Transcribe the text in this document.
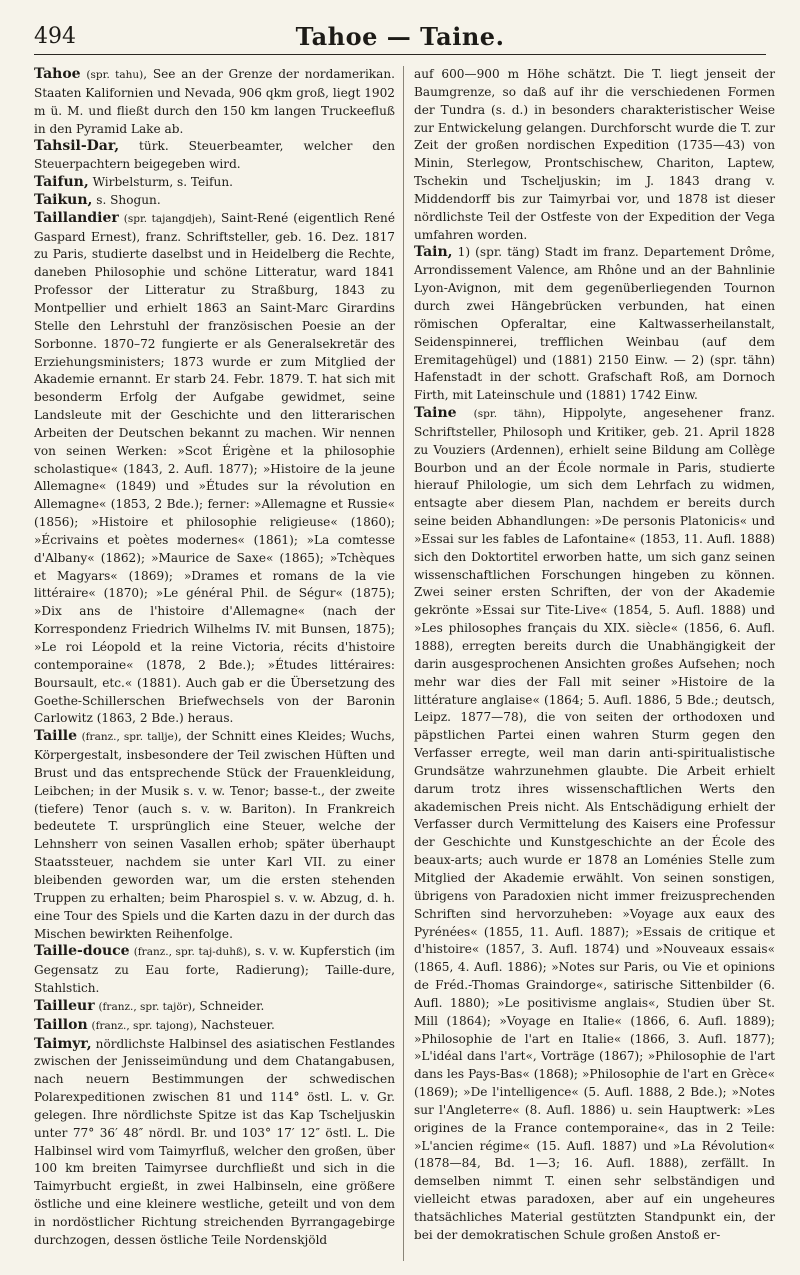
494	Tahoe — Taine.

Tahoe (spr. tahu), See an der Grenze der nordamerikan. Staaten Kalifornien und Nevada, 906 qkm groß, liegt 1902 m ü. M. und fließt durch den 150 km langen Truckeefluß in den Pyramid Lake ab.

Tahsil-Dar, türk. Steuerbeamter, welcher den Steuerpachtern beigegeben wird.

Taifun, Wirbelsturm, s. Teifun.

Taikun, s. Shogun.

Taillandier (spr. tajangdjeh), Saint-René (eigentlich René Gaspard Ernest), franz. Schriftsteller, geb. 16. Dez. 1817 zu Paris, studierte daselbst und in Heidelberg die Rechte, daneben Philosophie und schöne Litteratur, ward 1841 Professor der Litteratur zu Straßburg, 1843 zu Montpellier und erhielt 1863 an Saint-Marc Girardins Stelle den Lehrstuhl der französischen Poesie an der Sorbonne. 1870–72 fungierte er als Generalsekretär des Erziehungsministers; 1873 wurde er zum Mitglied der Akademie ernannt. Er starb 24. Febr. 1879. T. hat sich mit besonderm Erfolg der Aufgabe gewidmet, seine Landsleute mit der Geschichte und den litterarischen Arbeiten der Deutschen bekannt zu machen. Wir nennen von seinen Werken: »Scot Érigène et la philosophie scholastique« (1843, 2. Aufl. 1877); »Histoire de la jeune Allemagne« (1849) und »Études sur la révolution en Allemagne« (1853, 2 Bde.); ferner: »Allemagne et Russie« (1856); »Histoire et philosophie religieuse« (1860); »Écrivains et poètes modernes« (1861); »La comtesse d'Albany« (1862); »Maurice de Saxe« (1865); »Tchèques et Magyars« (1869); »Drames et romans de la vie littéraire« (1870); »Le général Phil. de Ségur« (1875); »Dix ans de l'histoire d'Allemagne« (nach der Korrespondenz Friedrich Wilhelms IV. mit Bunsen, 1875); »Le roi Léopold et la reine Victoria, récits d'histoire contemporaine« (1878, 2 Bde.); »Études littéraires: Boursault, etc.« (1881). Auch gab er die Übersetzung des Goethe-Schillerschen Briefwechsels von der Baronin Carlowitz (1863, 2 Bde.) heraus.

Taille (franz., spr. tallje), der Schnitt eines Kleides; Wuchs, Körpergestalt, insbesondere der Teil zwischen Hüften und Brust und das entsprechende Stück der Frauenkleidung, Leibchen; in der Musik s. v. w. Tenor; basse-t., der zweite (tiefere) Tenor (auch s. v. w. Bariton). In Frankreich bedeutete T. ursprünglich eine Steuer, welche der Lehnsherr von seinen Vasallen erhob; später überhaupt Staatssteuer, nachdem sie unter Karl VII. zu einer bleibenden geworden war, um die ersten stehenden Truppen zu erhalten; beim Pharospiel s. v. w. Abzug, d. h. eine Tour des Spiels und die Karten dazu in der durch das Mischen bewirkten Reihenfolge.

Taille-douce (franz., spr. taj-duhß), s. v. w. Kupferstich (im Gegensatz zu Eau forte, Radierung); Taille-dure, Stahlstich.

Tailleur (franz., spr. tajör), Schneider.

Taillon (franz., spr. tajong), Nachsteuer.

Taimyr, nördlichste Halbinsel des asiatischen Festlandes zwischen der Jenisseimündung und dem Chatangabusen, nach neuern Bestimmungen der schwedischen Polarexpeditionen zwischen 81 und 114° östl. L. v. Gr. gelegen. Ihre nördlichste Spitze ist das Kap Tscheljuskin unter 77° 36′ 48″ nördl. Br. und 103° 17′ 12″ östl. L. Die Halbinsel wird vom Taimyrfluß, welcher den großen, über 100 km breiten Taimyrsee durchfließt und sich in die Taimyrbucht ergießt, in zwei Halbinseln, eine größere östliche und eine kleinere westliche, geteilt und von dem in nordöstlicher Richtung streichenden Byrrangagebirge durchzogen, dessen östliche Teile Nordenskjöld

auf 600—900 m Höhe schätzt. Die T. liegt jenseit der Baumgrenze, so daß auf ihr die verschiedenen Formen der Tundra (s. d.) in besonders charakteristischer Weise zur Entwickelung gelangen. Durchforscht wurde die T. zur Zeit der großen nordischen Expedition (1735—43) von Minin, Sterlegow, Prontschischew, Chariton, Laptew, Tschekin und Tscheljuskin; im J. 1843 drang v. Middendorff bis zur Taimyrbai vor, und 1878 ist dieser nördlichste Teil der Ostfeste von der Expedition der Vega umfahren worden.

Tain, 1) (spr. täng) Stadt im franz. Departement Drôme, Arrondissement Valence, am Rhône und an der Bahnlinie Lyon-Avignon, mit dem gegenüberliegenden Tournon durch zwei Hängebrücken verbunden, hat einen römischen Opferaltar, eine Kaltwasserheilanstalt, Seidenspinnerei, trefflichen Weinbau (auf dem Eremitagehügel) und (1881) 2150 Einw. — 2) (spr. tähn) Hafenstadt in der schott. Grafschaft Roß, am Dornoch Firth, mit Lateinschule und (1881) 1742 Einw.

Taine (spr. tähn), Hippolyte, angesehener franz. Schriftsteller, Philosoph und Kritiker, geb. 21. April 1828 zu Vouziers (Ardennen), erhielt seine Bildung am Collège Bourbon und an der École normale in Paris, studierte hierauf Philologie, um sich dem Lehrfach zu widmen, entsagte aber diesem Plan, nachdem er bereits durch seine beiden Abhandlungen: »De personis Platonicis« und »Essai sur les fables de Lafontaine« (1853, 11. Aufl. 1888) sich den Doktortitel erworben hatte, um sich ganz seinen wissenschaftlichen Forschungen hingeben zu können. Zwei seiner ersten Schriften, der von der Akademie gekrönte »Essai sur Tite-Live« (1854, 5. Aufl. 1888) und »Les philosophes français du XIX. siècle« (1856, 6. Aufl. 1888), erregten bereits durch die Unabhängigkeit der darin ausgesprochenen Ansichten großes Aufsehen; noch mehr war dies der Fall mit seiner »Histoire de la littérature anglaise« (1864; 5. Aufl. 1886, 5 Bde.; deutsch, Leipz. 1877—78), die von seiten der orthodoxen und päpstlichen Partei einen wahren Sturm gegen den Verfasser erregte, weil man darin anti-spiritualistische Grundsätze wahrzunehmen glaubte. Die Arbeit erhielt darum trotz ihres wissenschaftlichen Werts den akademischen Preis nicht. Als Entschädigung erhielt der Verfasser durch Vermittelung des Kaisers eine Professur der Geschichte und Kunstgeschichte an der École des beaux-arts; auch wurde er 1878 an Loménies Stelle zum Mitglied der Akademie erwählt. Von seinen sonstigen, übrigens von Paradoxien nicht immer freizusprechenden Schriften sind hervorzuheben: »Voyage aux eaux des Pyrénées« (1855, 11. Aufl. 1887); »Essais de critique et d'histoire« (1857, 3. Aufl. 1874) und »Nouveaux essais« (1865, 4. Aufl. 1886); »Notes sur Paris, ou Vie et opinions de Fréd.-Thomas Graindorge«, satirische Sittenbilder (6. Aufl. 1880); »Le positivisme anglais«, Studien über St. Mill (1864); »Voyage en Italie« (1866, 6. Aufl. 1889); »Philosophie de l'art en Italie« (1866, 3. Aufl. 1877); »L'idéal dans l'art«, Vorträge (1867); »Philosophie de l'art dans les Pays-Bas« (1868); »Philosophie de l'art en Grèce« (1869); »De l'intelligence« (5. Aufl. 1888, 2 Bde.); »Notes sur l'Angleterre« (8. Aufl. 1886) u. sein Hauptwerk: »Les origines de la France contemporaine«, das in 2 Teile: »L'ancien régime« (15. Aufl. 1887) und »La Révolution« (1878—84, Bd. 1—3; 16. Aufl. 1888), zerfällt. In demselben nimmt T. einen sehr selbständigen und vielleicht etwas paradoxen, aber auf ein ungeheures thatsächliches Material gestützten Standpunkt ein, der bei der demokratischen Schule großen Anstoß er-
